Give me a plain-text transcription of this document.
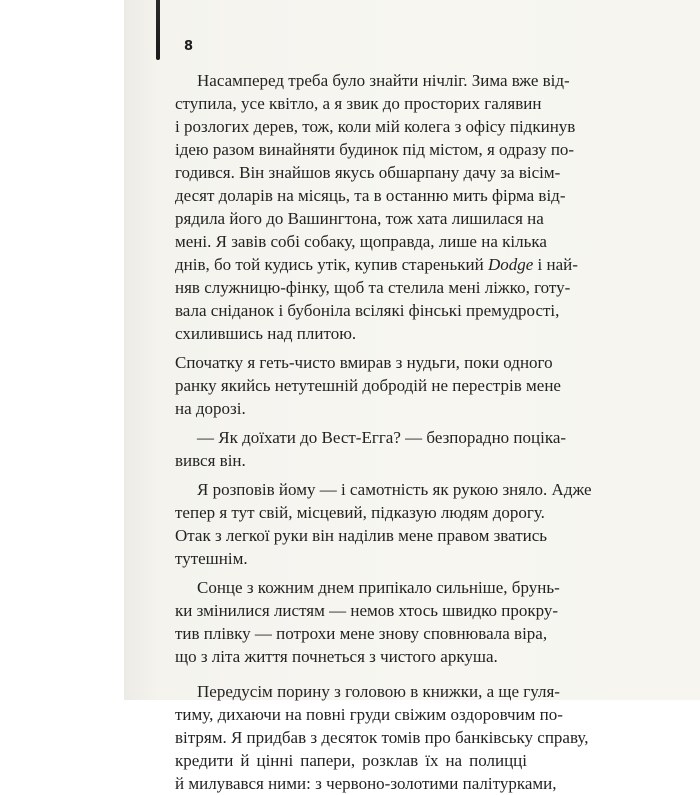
8

Насамперед треба було знайти нічліг. Зима вже від-
ступила, усе квітло, а я звик до просторих галявин
і розлогих дерев, тож, коли мій колега з офісу підкинув
ідею разом винайняти будинок під містом, я одразу по-
годився. Він знайшов якусь обшарпану дачу за вісім-
десят доларів на місяць, та в останню мить фірма від-
рядила його до Вашингтона, тож хата лишилася на
мені. Я завів собі собаку, щоправда, лише на кілька
днів, бо той кудись утік, купив старенький Dodge і най-
няв служницю-фінку, щоб та стелила мені ліжко, готу-
вала сніданок і бубоніла всілякі фінські премудрості,
схилившись над плитою.
Спочатку я геть-чисто вмирав з нудьги, поки одного
ранку якийсь нетутешній добродій не перестрів мене
на дорозі.
— Як доїхати до Вест-Егга? — безпорадно поціка-
вився він.
Я розповів йому — і самотність як рукою зняло. Адже
тепер я тут свій, місцевий, підказую людям дорогу.
Отак з легкої руки він наділив мене правом зватись
тутешнім.
Сонце з кожним днем припікало сильніше, брунь-
ки змінилися листям — немов хтось швидко прокру-
тив плівку — потрохи мене знову сповнювала віра,
що з літа життя почнеться з чистого аркуша.
Передусім порину з головою в книжки, а ще гуля-
тиму, дихаючи на повні груди свіжим оздоровчим по-
вітрям. Я придбав з десяток томів про банківську справу,
кредити й цінні папери, розклав їх на полицці
й милувався ними: з червоно-золотими палітурками,
